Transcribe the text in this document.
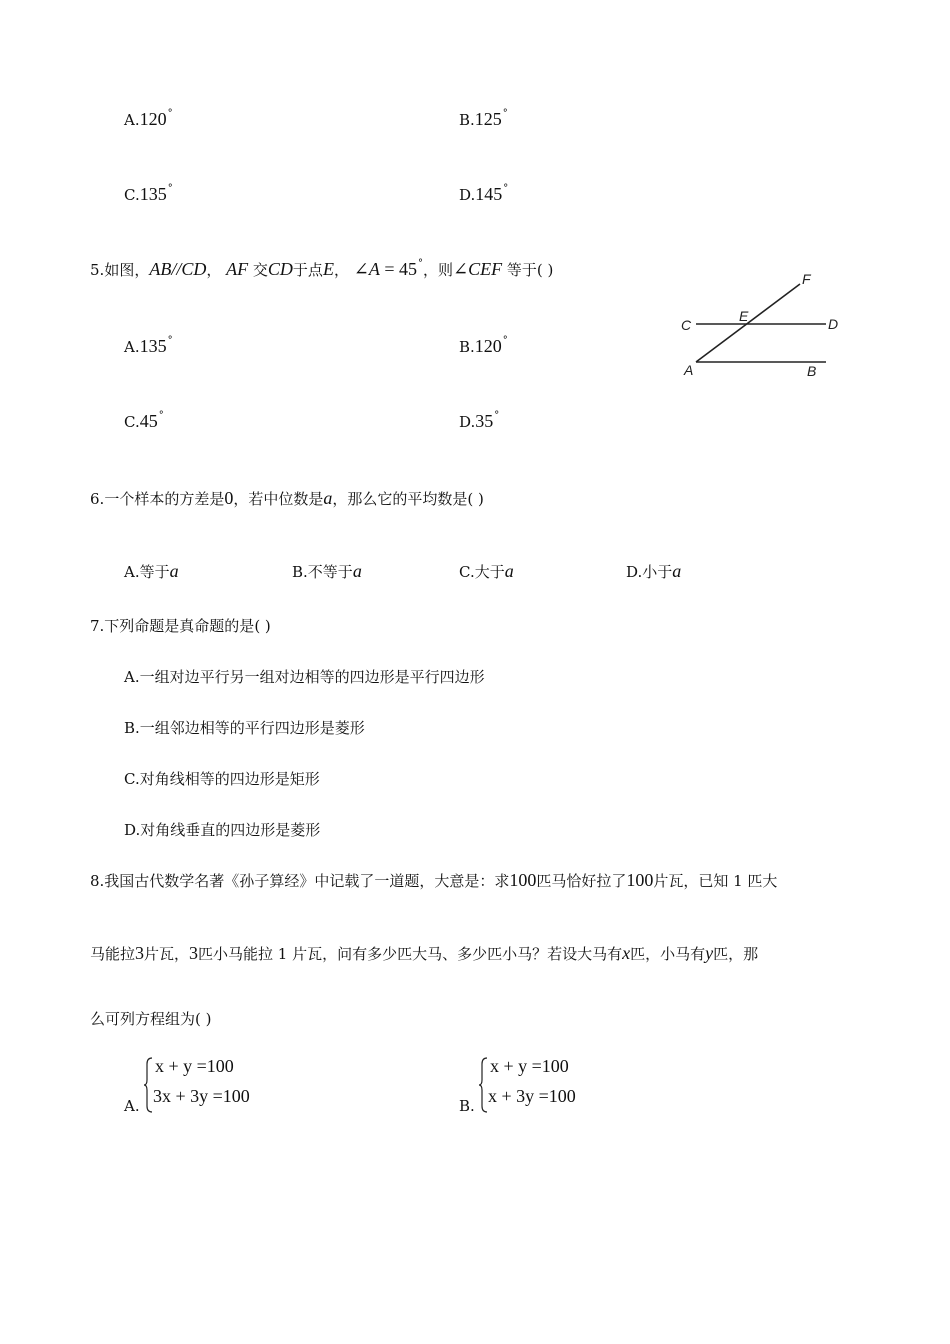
A.120°	B.125°
C.135°	D.145°
5.如图，AB//CD， AF 交CD于点E， ∠A = 45°，则∠CEF 等于( )	F
C
E	D
A	B
A.135°	B.120°
C.45°	D.35°
6.一个样本的方差是0，若中位数是a，那么它的平均数是( )
A.等于a	B.不等于a	C.大于a	D.小于a
7.下列命题是真命题的是( )
A.一组对边平行另一组对边相等的四边形是平行四边形
B.一组邻边相等的平行四边形是菱形
C.对角线相等的四边形是矩形
D.对角线垂直的四边形是菱形
8.我国古代数学名著《孙子算经》中记载了一道题，大意是：求100匹马恰好拉了100片瓦，已知 1 匹大
马能拉3片瓦，3匹小马能拉 1 片瓦，问有多少匹大马、多少匹小马？若设大马有x匹，小马有y匹，那
么可列方程组为( )
A.
x + y =100
3x + 3y =100	B.
x + y =100
x + 3y =100
